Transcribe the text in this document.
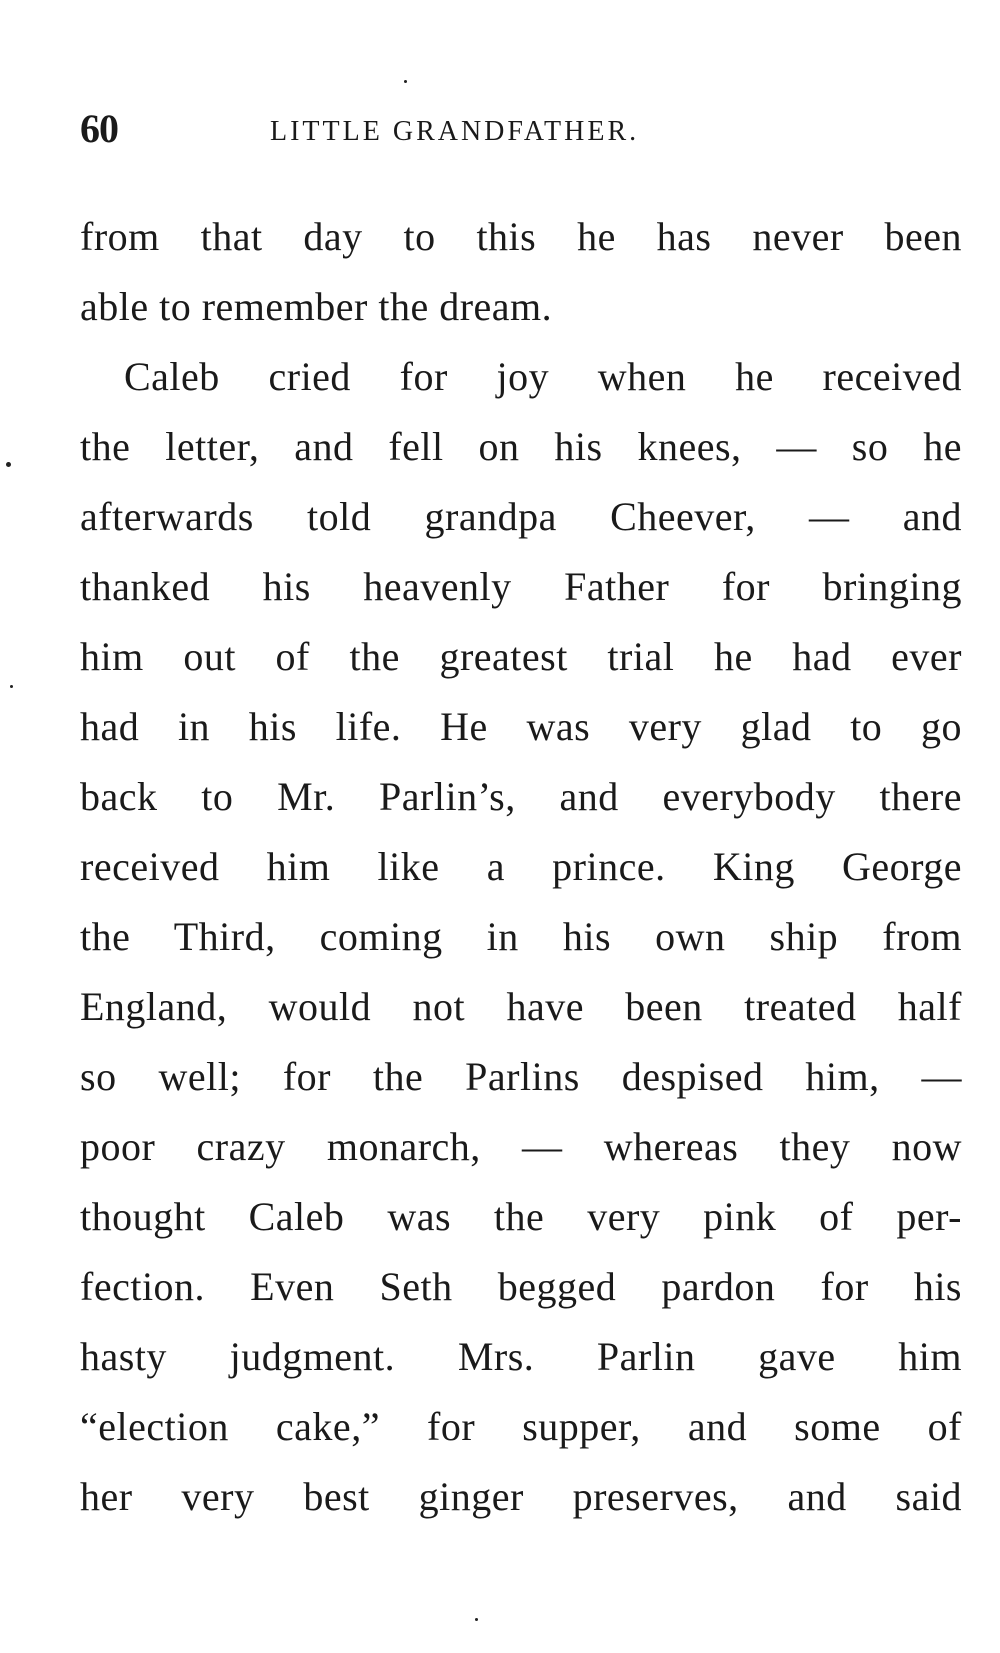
60	LITTLE GRANDFATHER.
from that day to this he has never been
able to remember the dream.
Caleb cried for joy when he received
the letter, and fell on his knees, — so he
afterwards told grandpa Cheever, — and
thanked his heavenly Father for bringing
him out of the greatest trial he had ever
had in his life. He was very glad to go
back to Mr. Parlin’s, and everybody there
received him like a prince. King George
the Third, coming in his own ship from
England, would not have been treated half
so well; for the Parlins despised him, —
poor crazy monarch, — whereas they now
thought Caleb was the very pink of per-
fection. Even Seth begged pardon for his
hasty judgment. Mrs. Parlin gave him
“election cake,” for supper, and some of
her very best ginger preserves, and said
